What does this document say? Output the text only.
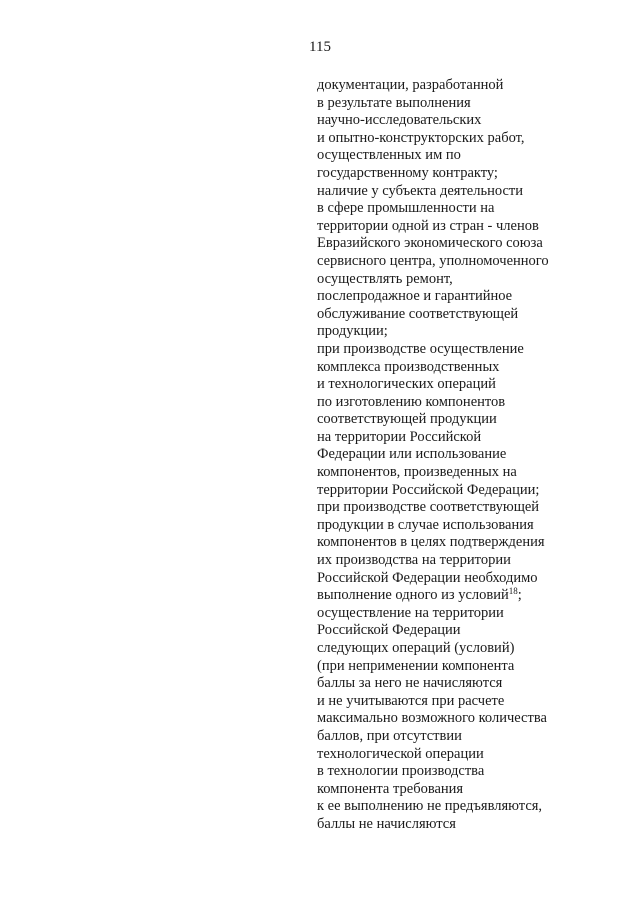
115
документации, разработанной
в результате выполнения
научно-исследовательских
и опытно-конструкторских работ,
осуществленных им по
государственному контракту;
наличие у субъекта деятельности
в сфере промышленности на
территории одной из стран - членов
Евразийского экономического союза
сервисного центра, уполномоченного
осуществлять ремонт,
послепродажное и гарантийное
обслуживание соответствующей
продукции;
при производстве осуществление
комплекса производственных
и технологических операций
по изготовлению компонентов
соответствующей продукции
на территории Российской
Федерации или использование
компонентов, произведенных на
территории Российской Федерации;
при производстве соответствующей
продукции в случае использования
компонентов в целях подтверждения
их производства на территории
Российской Федерации необходимо
выполнение одного из условий$^{18}$;
осуществление на территории
Российской Федерации
следующих операций (условий)
(при неприменении компонента
баллы за него не начисляются
и не учитываются при расчете
максимально возможного количества
баллов, при отсутствии
технологической операции
в технологии производства
компонента требования
к ее выполнению не предъявляются,
баллы не начисляются
